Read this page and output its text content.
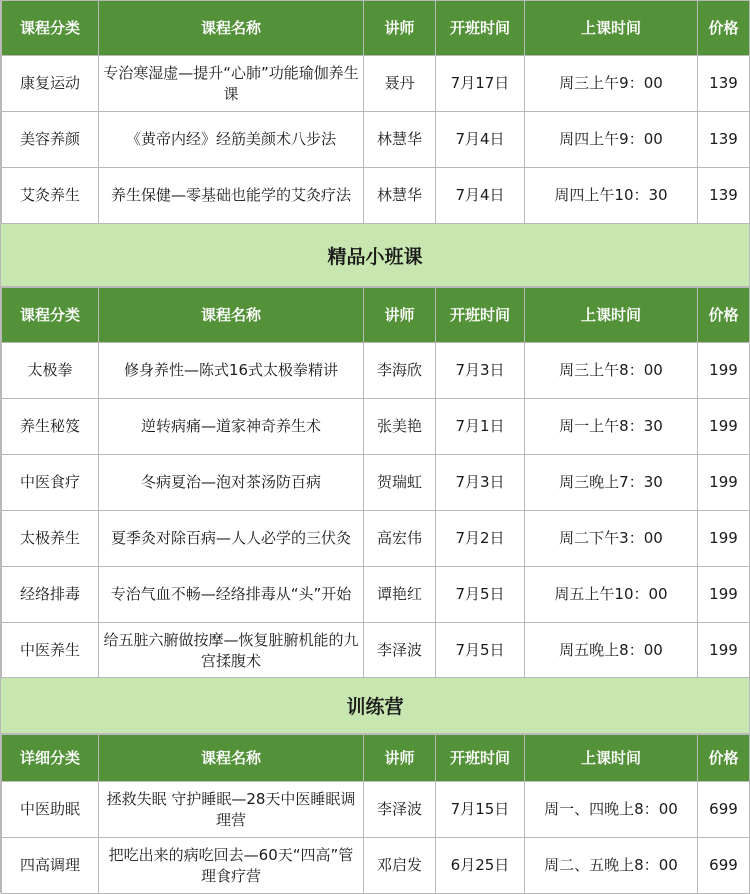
课程分类	课程名称	讲师	开班时间	上课时间	价格
康复运动	专治寒湿虚—提升“心肺”功能瑜伽养生课	聂丹	7月17日	周三上午9：00	139
美容养颜	《黄帝内经》经筋美颜术八步法	林慧华	7月4日	周四上午9：00	139
艾灸养生	养生保健—零基础也能学的艾灸疗法	林慧华	7月4日	周四上午10：30	139
精品小班课
课程分类	课程名称	讲师	开班时间	上课时间	价格
太极拳	修身养性—陈式16式太极拳精讲	李海欣	7月3日	周三上午8：00	199
养生秘笈	逆转病痛—道家神奇养生术	张美艳	7月1日	周一上午8：30	199
中医食疗	冬病夏治—泡对茶汤防百病	贺瑞虹	7月3日	周三晚上7：30	199
太极养生	夏季灸对除百病—人人必学的三伏灸	高宏伟	7月2日	周二下午3：00	199
经络排毒	专治气血不畅—经络排毒从“头”开始	谭艳红	7月5日	周五上午10：00	199
中医养生	给五脏六腑做按摩—恢复脏腑机能的九宫揉腹术	李泽波	7月5日	周五晚上8：00	199
训练营
详细分类	课程名称	讲师	开班时间	上课时间	价格
中医助眠	拯救失眠 守护睡眠—28天中医睡眠调理营	李泽波	7月15日	周一、四晚上8：00	699
四高调理	把吃出来的病吃回去—60天“四高”管理食疗营	邓启发	6月25日	周二、五晚上8：00	699
